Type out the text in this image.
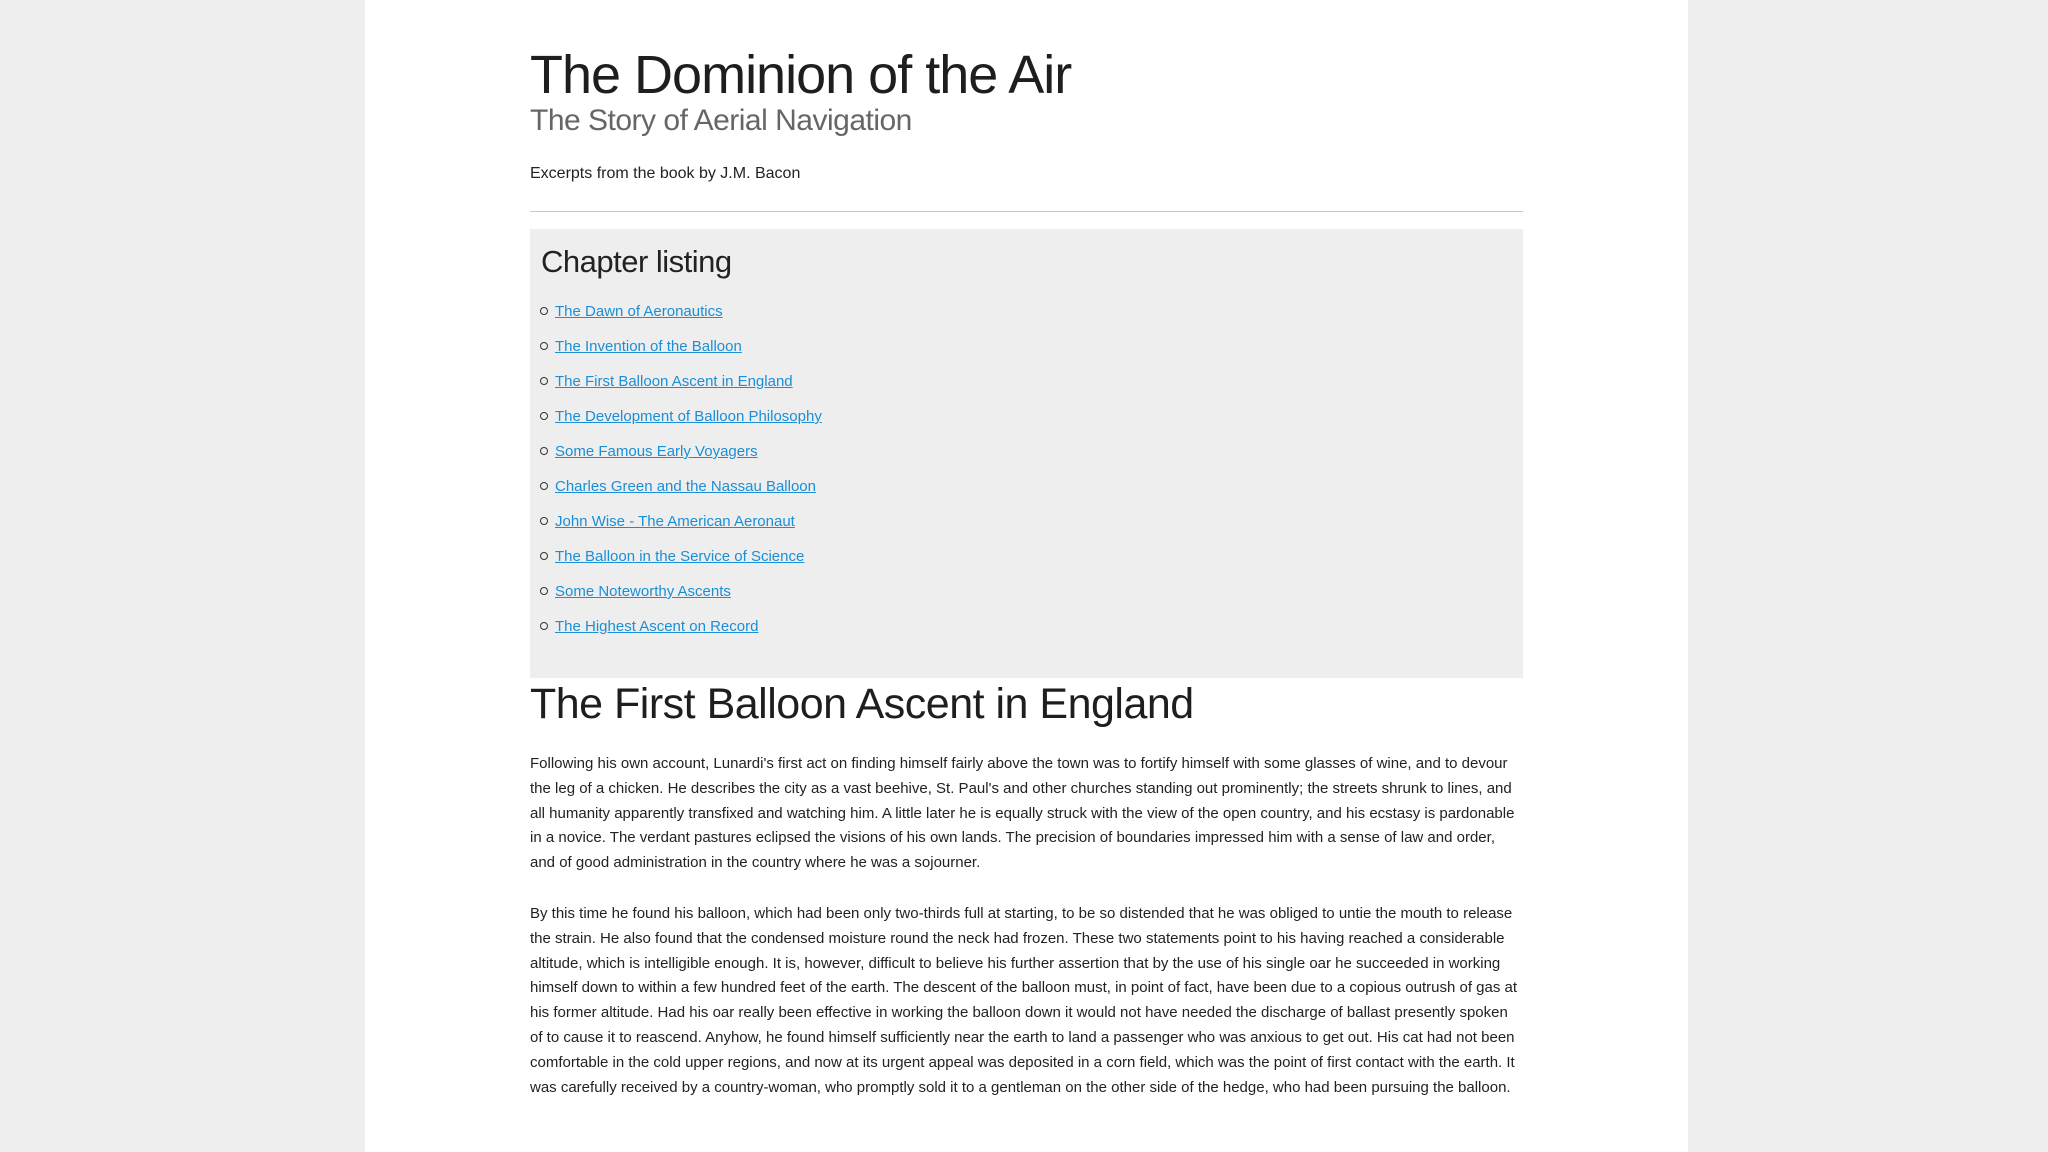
The Dominion of the Air
The Story of Aerial Navigation
Excerpts from the book by J.M. Bacon
Chapter listing
The Dawn of Aeronautics
The Invention of the Balloon
The First Balloon Ascent in England
The Development of Balloon Philosophy
Some Famous Early Voyagers
Charles Green and the Nassau Balloon
John Wise - The American Aeronaut
The Balloon in the Service of Science
Some Noteworthy Ascents
The Highest Ascent on Record
The First Balloon Ascent in England

Following his own account, Lunardi's first act on finding himself fairly above the town was to fortify himself with some glasses of wine, and to devour the leg of a chicken. He describes the city as a vast beehive, St. Paul's and other churches standing out prominently; the streets shrunk to lines, and all humanity apparently transfixed and watching him. A little later he is equally struck with the view of the open country, and his ecstasy is pardonable in a novice. The verdant pastures eclipsed the visions of his own lands. The precision of boundaries impressed him with a sense of law and order, and of good administration in the country where he was a sojourner.

By this time he found his balloon, which had been only two-thirds full at starting, to be so distended that he was obliged to untie the mouth to release the strain. He also found that the condensed moisture round the neck had frozen. These two statements point to his having reached a considerable altitude, which is intelligible enough. It is, however, difficult to believe his further assertion that by the use of his single oar he succeeded in working himself down to within a few hundred feet of the earth. The descent of the balloon must, in point of fact, have been due to a copious outrush of gas at his former altitude. Had his oar really been effective in working the balloon down it would not have needed the discharge of ballast presently spoken of to cause it to reascend. Anyhow, he found himself sufficiently near the earth to land a passenger who was anxious to get out. His cat had not been comfortable in the cold upper regions, and now at its urgent appeal was deposited in a corn field, which was the point of first contact with the earth. It was carefully received by a country-woman, who promptly sold it to a gentleman on the other side of the hedge, who had been pursuing the balloon.
